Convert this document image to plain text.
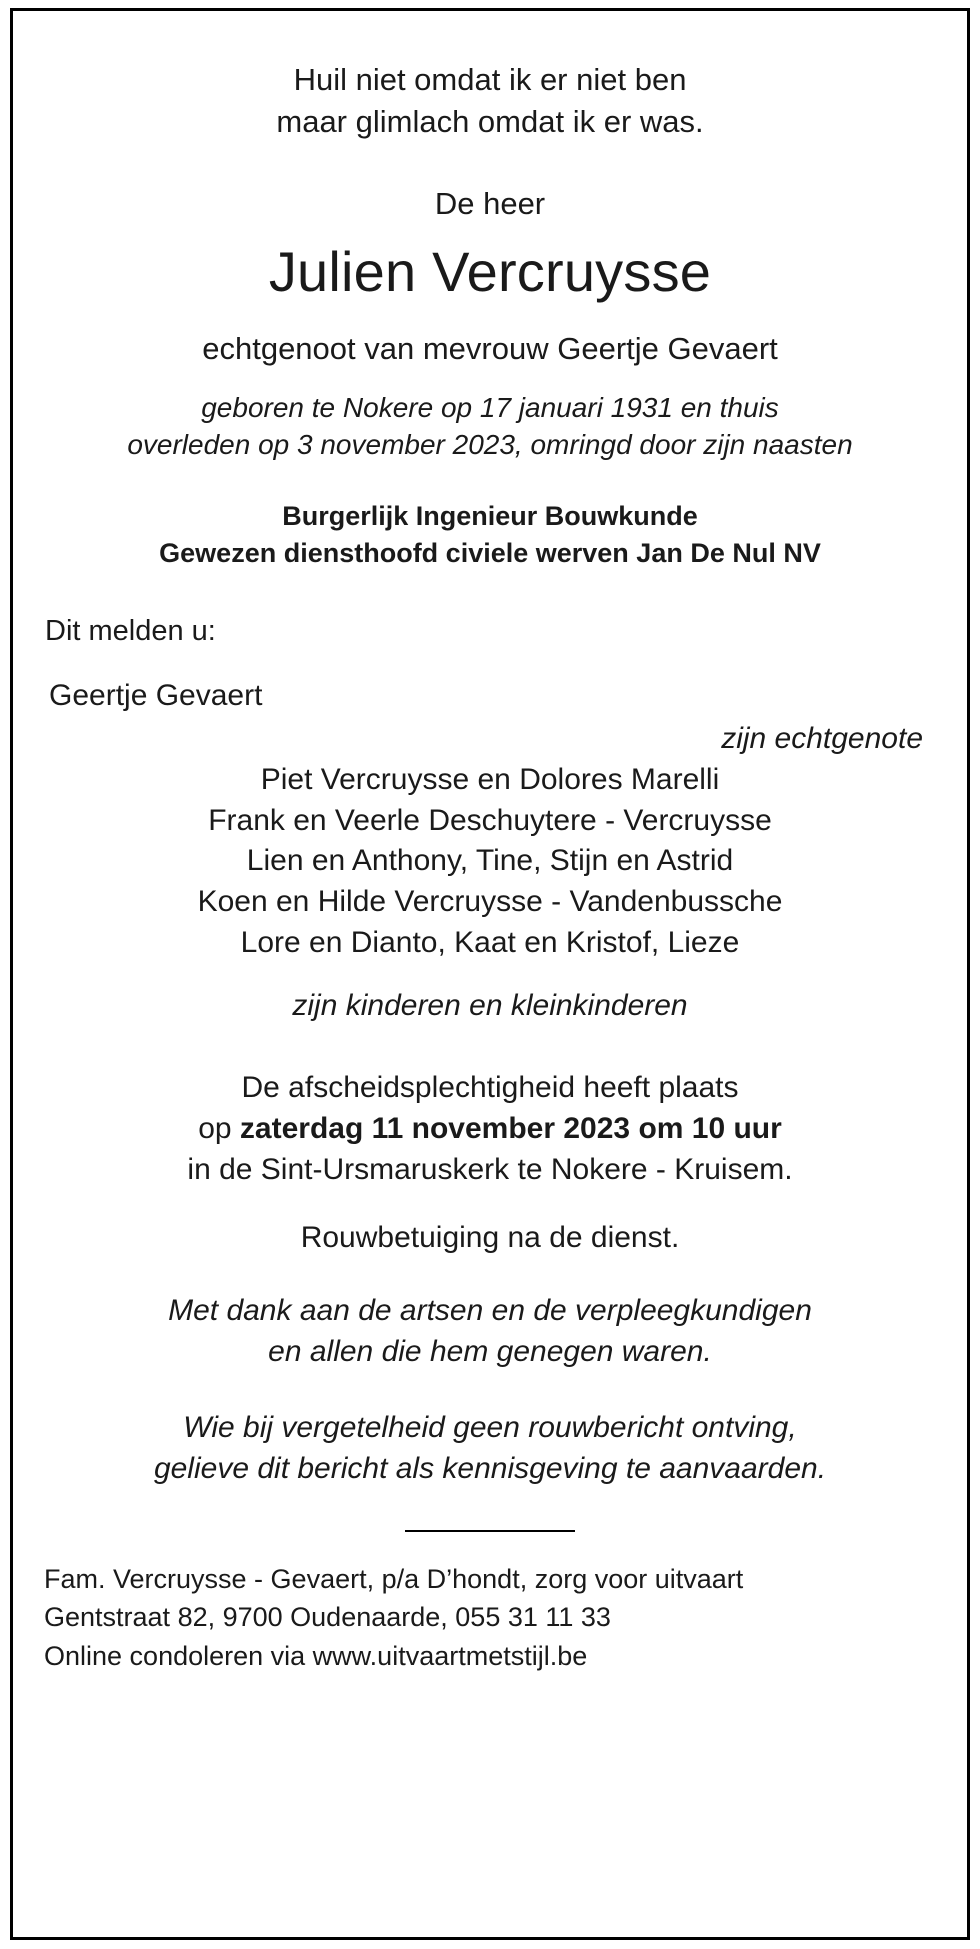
Huil niet omdat ik er niet ben
maar glimlach omdat ik er was.
De heer
Julien Vercruysse
echtgenoot van mevrouw Geertje Gevaert
geboren te Nokere op 17 januari 1931 en thuis
overleden op 3 november 2023, omringd door zijn naasten
Burgerlijk Ingenieur Bouwkunde
Gewezen diensthoofd civiele werven Jan De Nul NV
Dit melden u:
Geertje Gevaert
zijn echtgenote
Piet Vercruysse en Dolores Marelli
Frank en Veerle Deschuytere - Vercruysse
Lien en Anthony, Tine, Stijn en Astrid
Koen en Hilde Vercruysse - Vandenbussche
Lore en Dianto, Kaat en Kristof, Lieze
zijn kinderen en kleinkinderen
De afscheidsplechtigheid heeft plaats
op zaterdag 11 november 2023 om 10 uur
in de Sint-Ursmaruskerk te Nokere - Kruisem.
Rouwbetuiging na de dienst.
Met dank aan de artsen en de verpleegkundigen
en allen die hem genegen waren.
Wie bij vergetelheid geen rouwbericht ontving,
gelieve dit bericht als kennisgeving te aanvaarden.
Fam. Vercruysse - Gevaert, p/a D’hondt, zorg voor uitvaart
Gentstraat 82, 9700 Oudenaarde, 055 31 11 33
Online condoleren via www.uitvaartmetstijl.be
